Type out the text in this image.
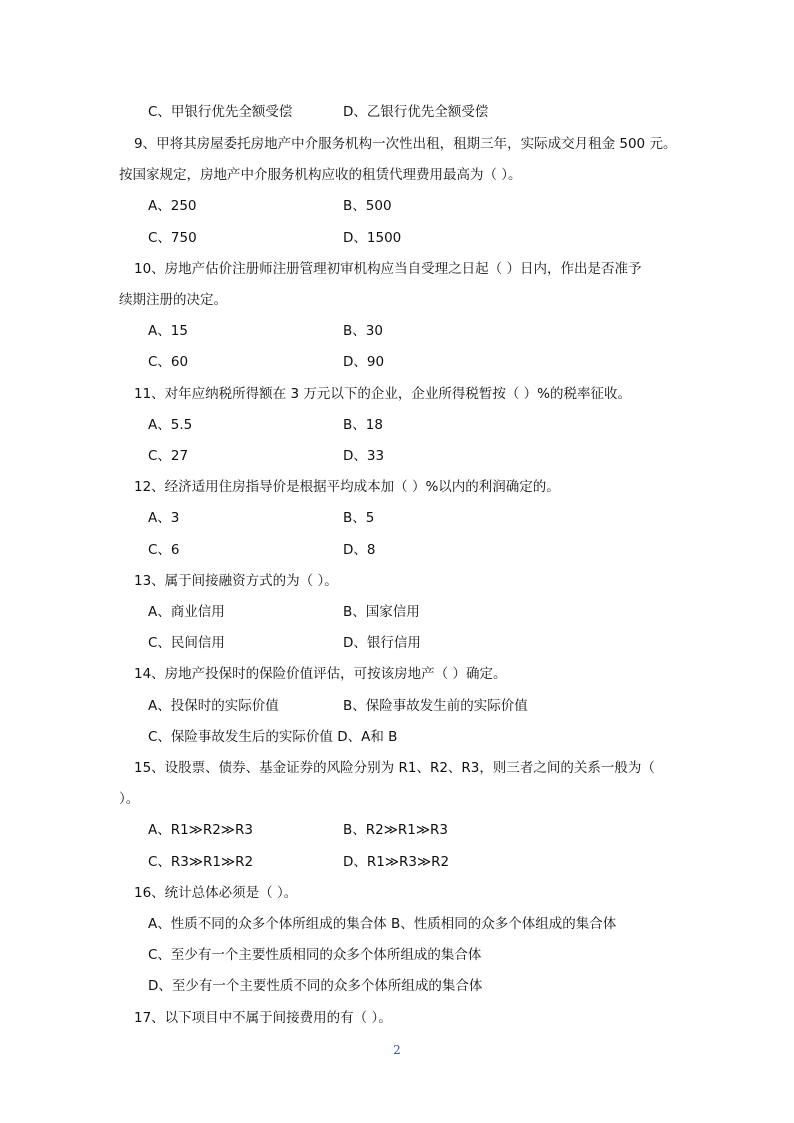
C、甲银行优先全额受偿	D、乙银行优先全额受偿
9、甲将其房屋委托房地产中介服务机构一次性出租，租期三年，实际成交月租金 500 元。
按国家规定，房地产中介服务机构应收的租赁代理费用最高为（ ）。
A、250	B、500
C、750	D、1500
10、房地产估价注册师注册管理初审机构应当自受理之日起（ ）日内，作出是否准予
续期注册的决定。
A、15	B、30
C、60	D、90
11、对年应纳税所得额在 3 万元以下的企业，企业所得税暂按（ ）%的税率征收。
A、5.5	B、18
C、27	D、33
12、经济适用住房指导价是根据平均成本加（ ）%以内的利润确定的。
A、3	B、5
C、6	D、8
13、属于间接融资方式的为（ ）。
A、商业信用	B、国家信用
C、民间信用	D、银行信用
14、房地产投保时的保险价值评估，可按该房地产（ ）确定。
A、投保时的实际价值	B、保险事故发生前的实际价值
C、保险事故发生后的实际价值 D、A和 B
15、设股票、债券、基金证券的风险分别为 R1、R2、R3，则三者之间的关系一般为（
）。
A、R1≫R2≫R3	B、R2≫R1≫R3
C、R3≫R1≫R2	D、R1≫R3≫R2
16、统计总体必须是（ ）。
A、性质不同的众多个体所组成的集合体 B、性质相同的众多个体组成的集合体
C、至少有一个主要性质相同的众多个体所组成的集合体
D、至少有一个主要性质不同的众多个体所组成的集合体
17、以下项目中不属于间接费用的有（ ）。
2
